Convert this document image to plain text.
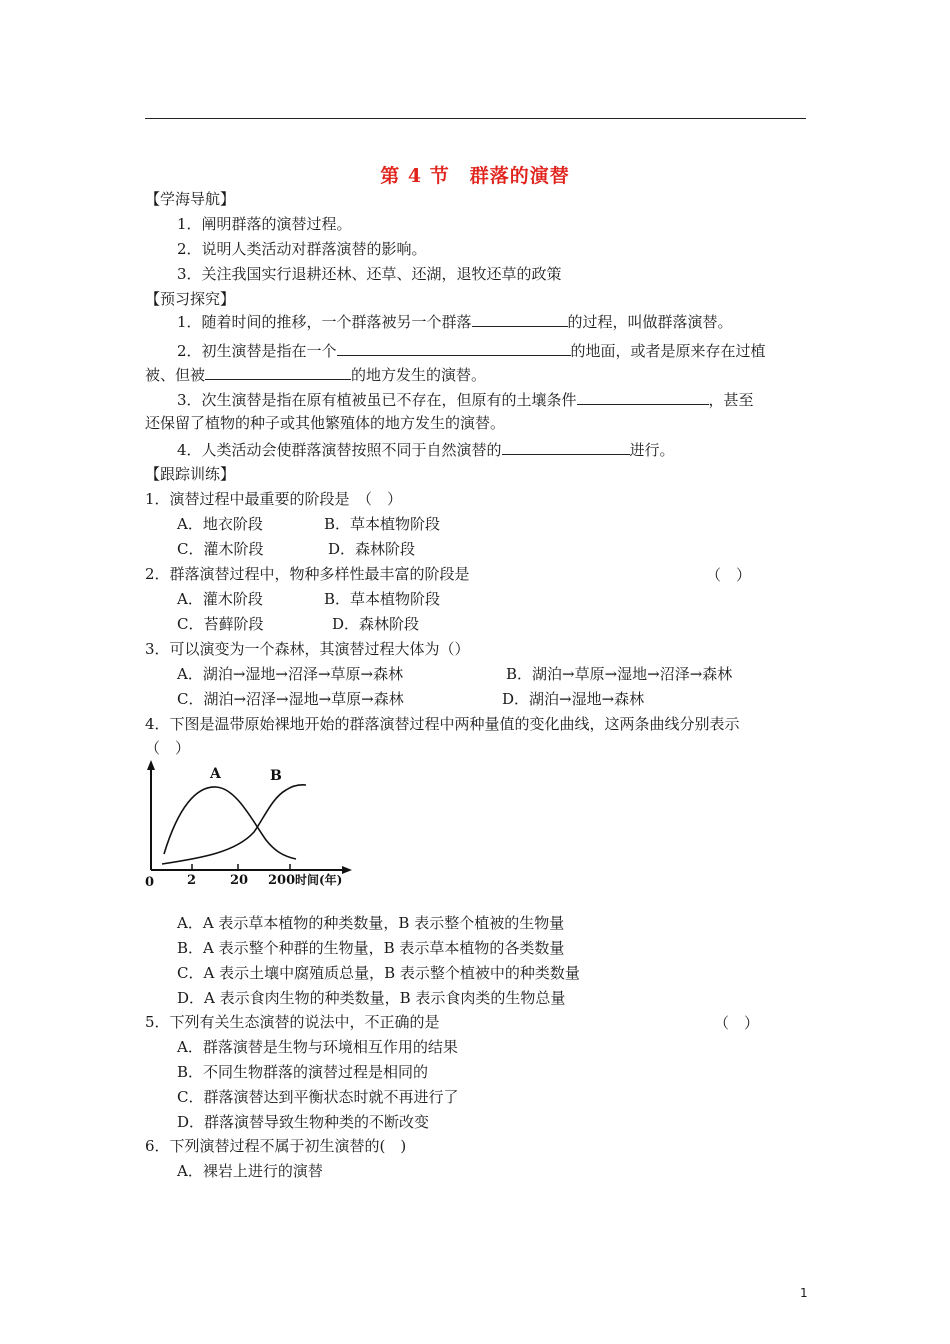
第 4 节　群落的演替
【学海导航】
1．阐明群落的演替过程。
2．说明人类活动对群落演替的影响。
3．关注我国实行退耕还林、还草、还湖，退牧还草的政策
【预习探究】
1．随着时间的推移，一个群落被另一个群落	的过程，叫做群落演替。
2．初生演替是指在一个	的地面，或者是原来存在过植
被、但被	的地方发生的演替。
3．次生演替是指在原有植被虽已不存在，但原有的土壤条件	，甚至
还保留了植物的种子或其他繁殖体的地方发生的演替。
4．人类活动会使群落演替按照不同于自然演替的	进行。
【跟踪训练】
1．演替过程中最重要的阶段是　（　）
A．地衣阶段	B．草本植物阶段
C．灌木阶段	D．森林阶段
2．群落演替过程中，物种多样性最丰富的阶段是	（　）
A．灌木阶段	B．草本植物阶段
C．苔藓阶段	D．森林阶段
3．可以演变为一个森林，其演替过程大体为（）
A．湖泊→湿地→沼泽→草原→森林	B．湖泊→草原→湿地→沼泽→森林
C．湖泊→沼泽→湿地→草原→森林	D．湖泊→湿地→森林
4．下图是温带原始裸地开始的群落演替过程中两种量值的变化曲线，这两条曲线分别表示
（　）
A	B
0	2	20 200 时间(年)
A．A 表示草本植物的种类数量，B 表示整个植被的生物量
B．A 表示整个种群的生物量，B 表示草本植物的各类数量
C．A 表示土壤中腐殖质总量，B 表示整个植被中的种类数量
D．A 表示食肉生物的种类数量，B 表示食肉类的生物总量
5．下列有关生态演替的说法中，不正确的是	（　）
A．群落演替是生物与环境相互作用的结果
B．不同生物群落的演替过程是相同的
C．群落演替达到平衡状态时就不再进行了
D．群落演替导致生物种类的不断改变
6．下列演替过程不属于初生演替的(　)
A．裸岩上进行的演替
1
